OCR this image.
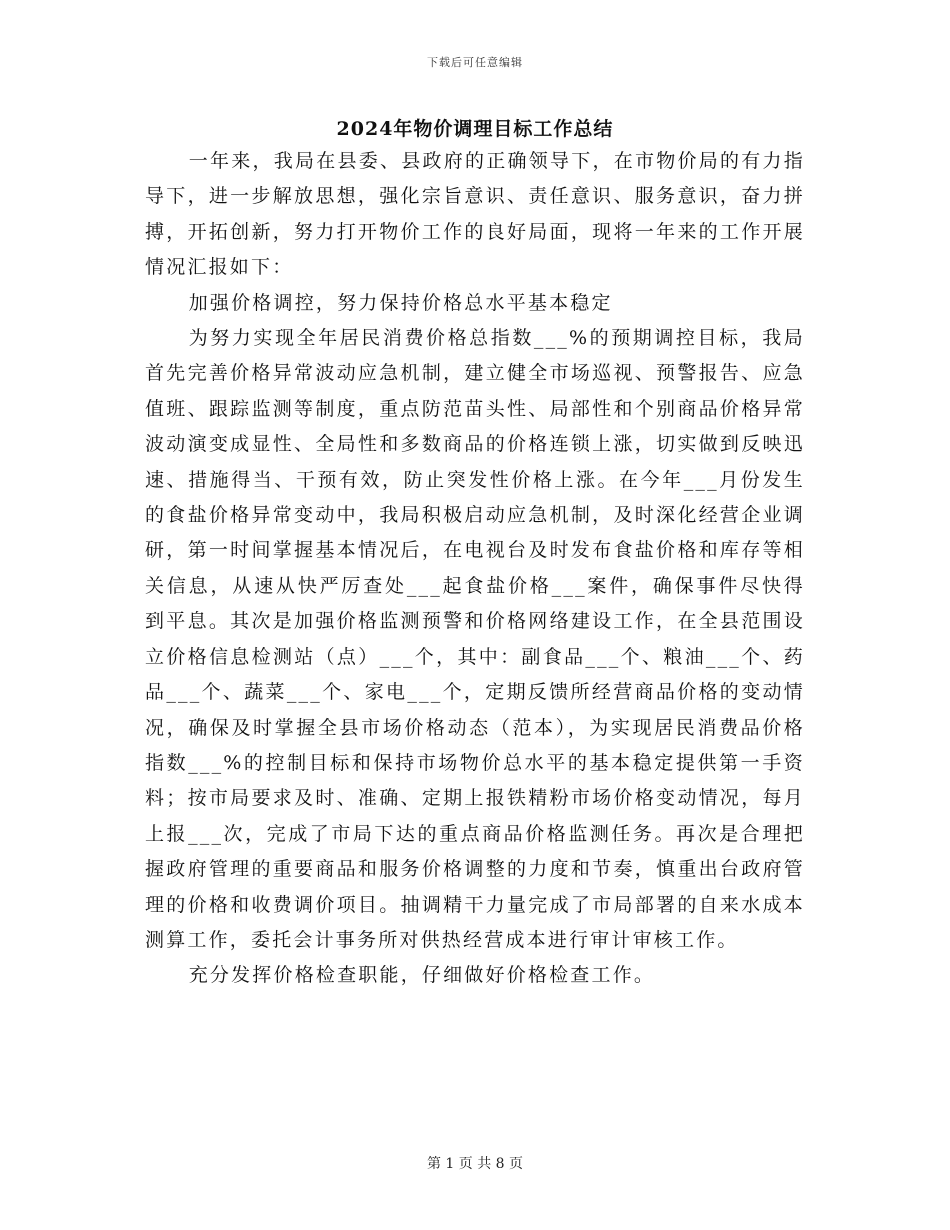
下载后可任意编辑
2024年物价调理目标工作总结

一年来，我局在县委、县政府的正确领导下，在市物价局的有力指导下，进一步解放思想，强化宗旨意识、责任意识、服务意识，奋力拼搏，开拓创新，努力打开物价工作的良好局面，现将一年来的工作开展情况汇报如下：

加强价格调控，努力保持价格总水平基本稳定

为努力实现全年居民消费价格总指数___%的预期调控目标，我局首先完善价格异常波动应急机制，建立健全市场巡视、预警报告、应急值班、跟踪监测等制度，重点防范苗头性、局部性和个别商品价格异常波动演变成显性、全局性和多数商品的价格连锁上涨，切实做到反映迅速、措施得当、干预有效，防止突发性价格上涨。在今年___月份发生的食盐价格异常变动中，我局积极启动应急机制，及时深化经营企业调研，第一时间掌握基本情况后，在电视台及时发布食盐价格和库存等相关信息，从速从快严厉查处___起食盐价格___案件，确保事件尽快得到平息。其次是加强价格监测预警和价格网络建设工作，在全县范围设立价格信息检测站（点）___个，其中：副食品___个、粮油___个、药品___个、蔬菜___个、家电___个，定期反馈所经营商品价格的变动情况，确保及时掌握全县市场价格动态（范本），为实现居民消费品价格指数___%的控制目标和保持市场物价总水平的基本稳定提供第一手资料；按市局要求及时、准确、定期上报铁精粉市场价格变动情况，每月上报___次，完成了市局下达的重点商品价格监测任务。再次是合理把握政府管理的重要商品和服务价格调整的力度和节奏，慎重出台政府管理的价格和收费调价项目。抽调精干力量完成了市局部署的自来水成本测算工作，委托会计事务所对供热经营成本进行审计审核工作。

充分发挥价格检查职能，仔细做好价格检查工作。

第 1 页 共 8 页
